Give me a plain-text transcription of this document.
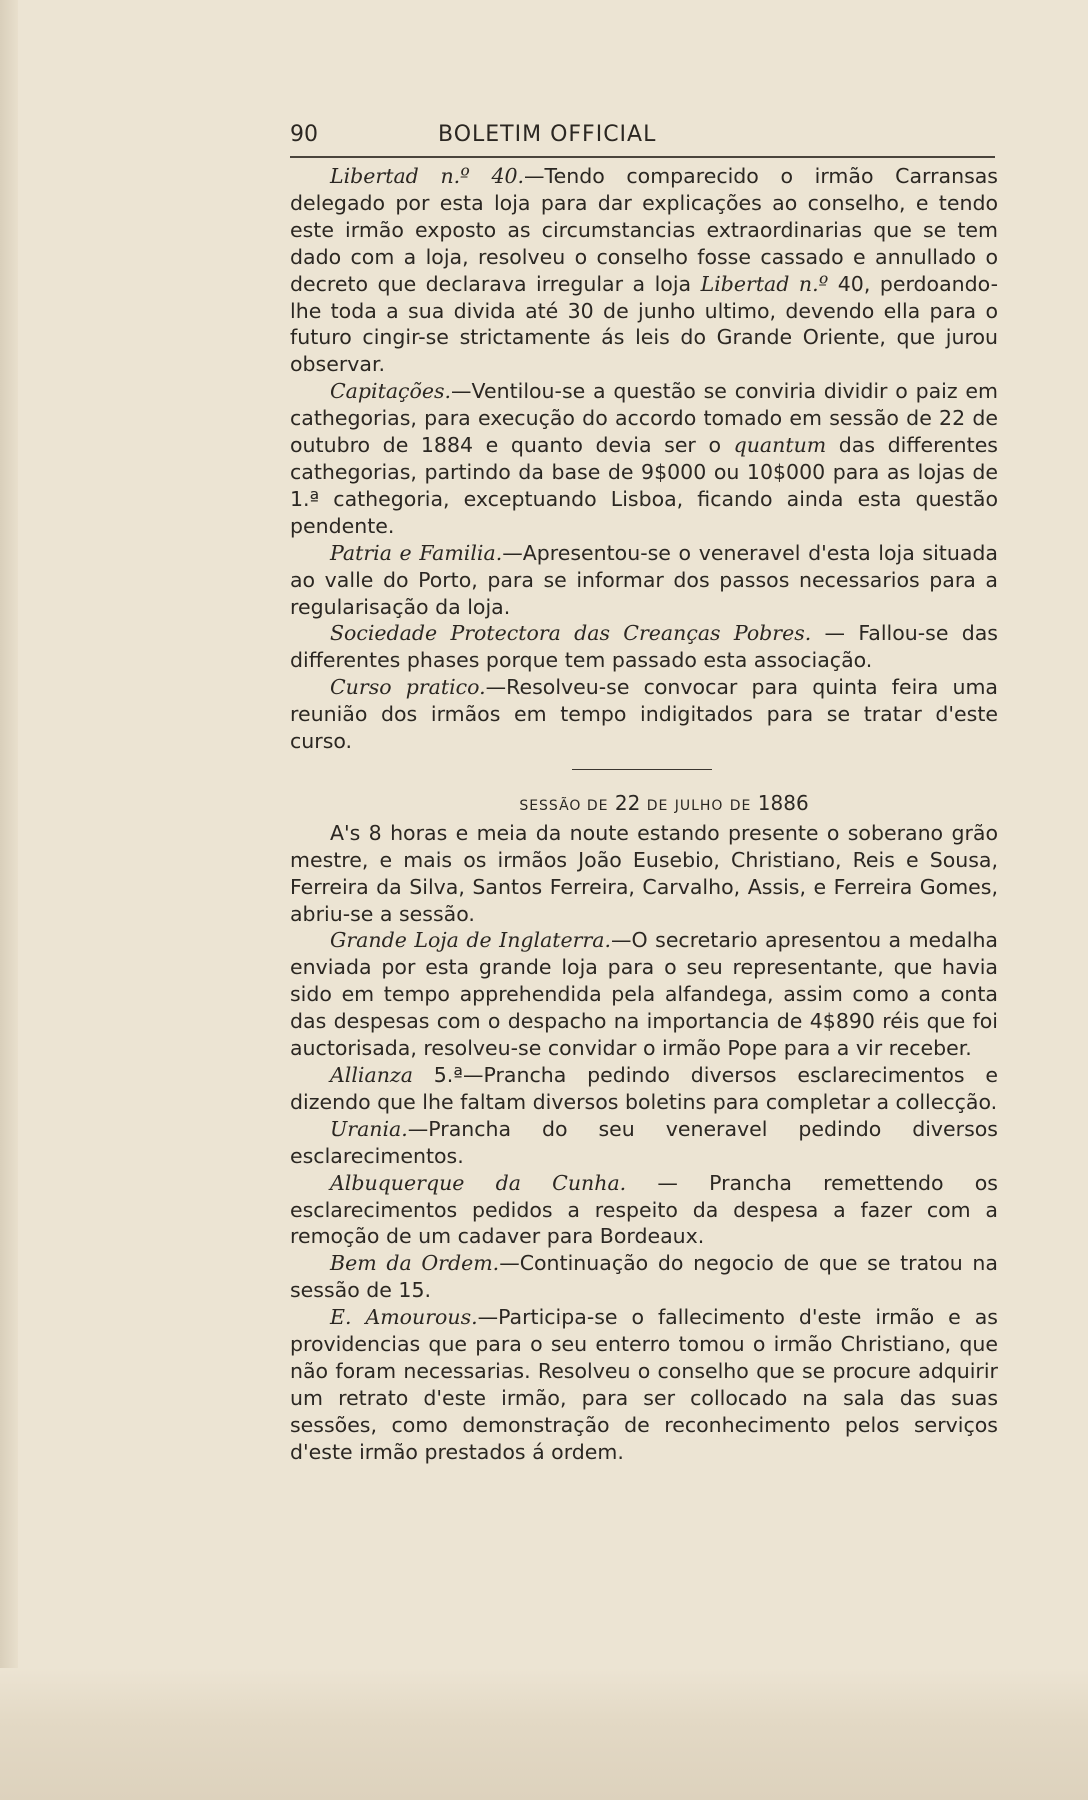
90	BOLETIM OFFICIAL

Libertad n.º 40.—Tendo comparecido o irmão Carransas delegado por esta loja para dar explicações ao conselho, e tendo este irmão exposto as circumstancias extraordinarias que se tem dado com a loja, resolveu o conselho fosse cassado e annullado o decreto que declarava irregular a loja Libertad n.º 40, perdoando-lhe toda a sua divida até 30 de junho ultimo, devendo ella para o futuro cingir-se strictamente ás leis do Grande Oriente, que jurou observar.

Capitações.—Ventilou-se a questão se conviria dividir o paiz em cathegorias, para execução do accordo tomado em sessão de 22 de outubro de 1884 e quanto devia ser o quantum das differentes cathegorias, partindo da base de 9$000 ou 10$000 para as lojas de 1.ª cathegoria, exceptuando Lisboa, ficando ainda esta questão pendente.

Patria e Familia.—Apresentou-se o veneravel d'esta loja situada ao valle do Porto, para se informar dos passos necessarios para a regularisação da loja.

Sociedade Protectora das Creanças Pobres. — Fallou-se das differentes phases porque tem passado esta associação.

Curso pratico.—Resolveu-se convocar para quinta feira uma reunião dos irmãos em tempo indigitados para se tratar d'este curso.

SESSÃO DE 22 DE JULHO DE 1886

A's 8 horas e meia da noute estando presente o soberano grão mestre, e mais os irmãos João Eusebio, Christiano, Reis e Sousa, Ferreira da Silva, Santos Ferreira, Carvalho, Assis, e Ferreira Gomes, abriu-se a sessão.

Grande Loja de Inglaterra.—O secretario apresentou a medalha enviada por esta grande loja para o seu representante, que havia sido em tempo apprehendida pela alfandega, assim como a conta das despesas com o despacho na importancia de 4$890 réis que foi auctorisada, resolveu-se convidar o irmão Pope para a vir receber.

Allianza 5.ª—Prancha pedindo diversos esclarecimentos e dizendo que lhe faltam diversos boletins para completar a collecção.

Urania.—Prancha do seu veneravel pedindo diversos esclarecimentos.

Albuquerque da Cunha. — Prancha remettendo os esclarecimentos pedidos a respeito da despesa a fazer com a remoção de um cadaver para Bordeaux.

Bem da Ordem.—Continuação do negocio de que se tratou na sessão de 15.

E. Amourous.—Participa-se o fallecimento d'este irmão e as providencias que para o seu enterro tomou o irmão Christiano, que não foram necessarias. Resolveu o conselho que se procure adquirir um retrato d'este irmão, para ser collocado na sala das suas sessões, como demonstração de reconhecimento pelos serviços d'este irmão prestados á ordem.
